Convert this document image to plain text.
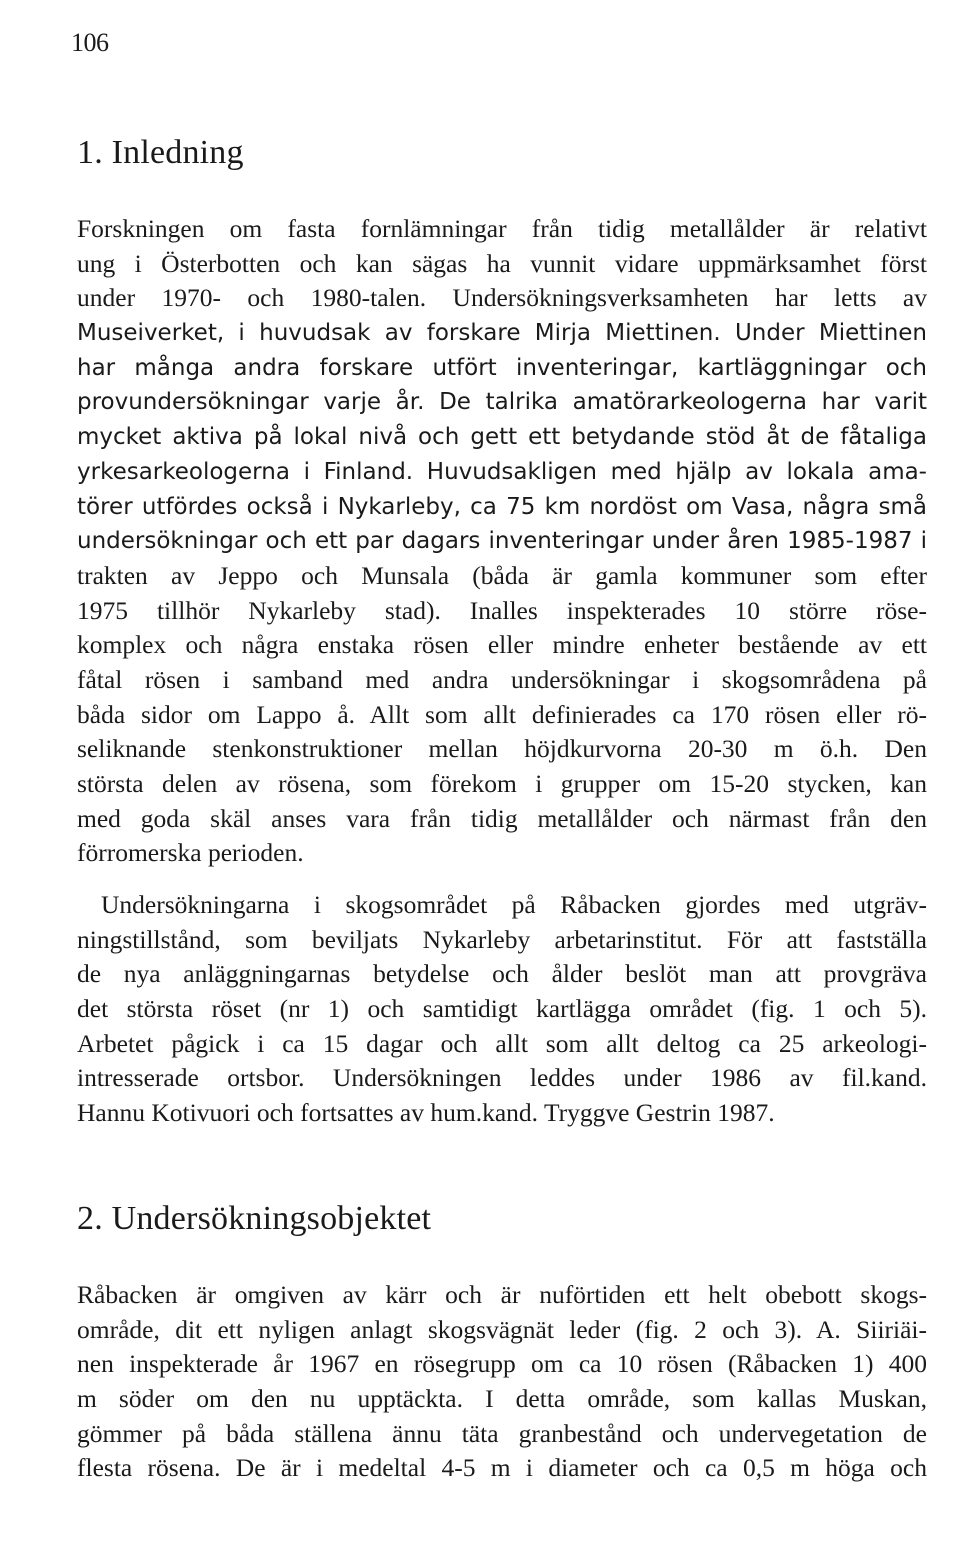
106
1. Inledning
Forskningen om fasta fornlämningar från tidig metallålder är relativt
ung i Österbotten och kan sägas ha vunnit vidare uppmärksamhet först
under 1970- och 1980-talen. Undersökningsverksamheten har letts av
Museiverket, i huvudsak av forskare Mirja Miettinen. Under Miettinen
har många andra forskare utfört inventeringar, kartläggningar och
provundersökningar varje år. De talrika amatörarkeologerna har varit
mycket aktiva på lokal nivå och gett ett betydande stöd åt de fåtaliga
yrkesarkeologerna i Finland. Huvudsakligen med hjälp av lokala ama-
törer utfördes också i Nykarleby, ca 75 km nordöst om Vasa, några små
undersökningar och ett par dagars inventeringar under åren 1985-1987 i
trakten av Jeppo och Munsala (båda är gamla kommuner som efter
1975 tillhör Nykarleby stad). Inalles inspekterades 10 större röse-
komplex och några enstaka rösen eller mindre enheter bestående av ett
fåtal rösen i samband med andra undersökningar i skogsområdena på
båda sidor om Lappo å. Allt som allt definierades ca 170 rösen eller rö-
seliknande stenkonstruktioner mellan höjdkurvorna 20-30 m ö.h. Den
största delen av rösena, som förekom i grupper om 15-20 stycken, kan
med goda skäl anses vara från tidig metallålder och närmast från den
förromerska perioden.
Undersökningarna i skogsområdet på Råbacken gjordes med utgräv-
ningstillstånd, som beviljats Nykarleby arbetarinstitut. För att fastställa
de nya anläggningarnas betydelse och ålder beslöt man att provgräva
det största röset (nr 1) och samtidigt kartlägga området (fig. 1 och 5).
Arbetet pågick i ca 15 dagar och allt som allt deltog ca 25 arkeologi-
intresserade ortsbor. Undersökningen leddes under 1986 av fil.kand.
Hannu Kotivuori och fortsattes av hum.kand. Tryggve Gestrin 1987.
2. Undersökningsobjektet
Råbacken är omgiven av kärr och är nuförtiden ett helt obebott skogs-
område, dit ett nyligen anlagt skogsvägnät leder (fig. 2 och 3). A. Siiriäi-
nen inspekterade år 1967 en rösegrupp om ca 10 rösen (Råbacken 1) 400
m söder om den nu upptäckta. I detta område, som kallas Muskan,
gömmer på båda ställena ännu täta granbestånd och undervegetation de
flesta rösena. De är i medeltal 4-5 m i diameter och ca 0,5 m höga och
